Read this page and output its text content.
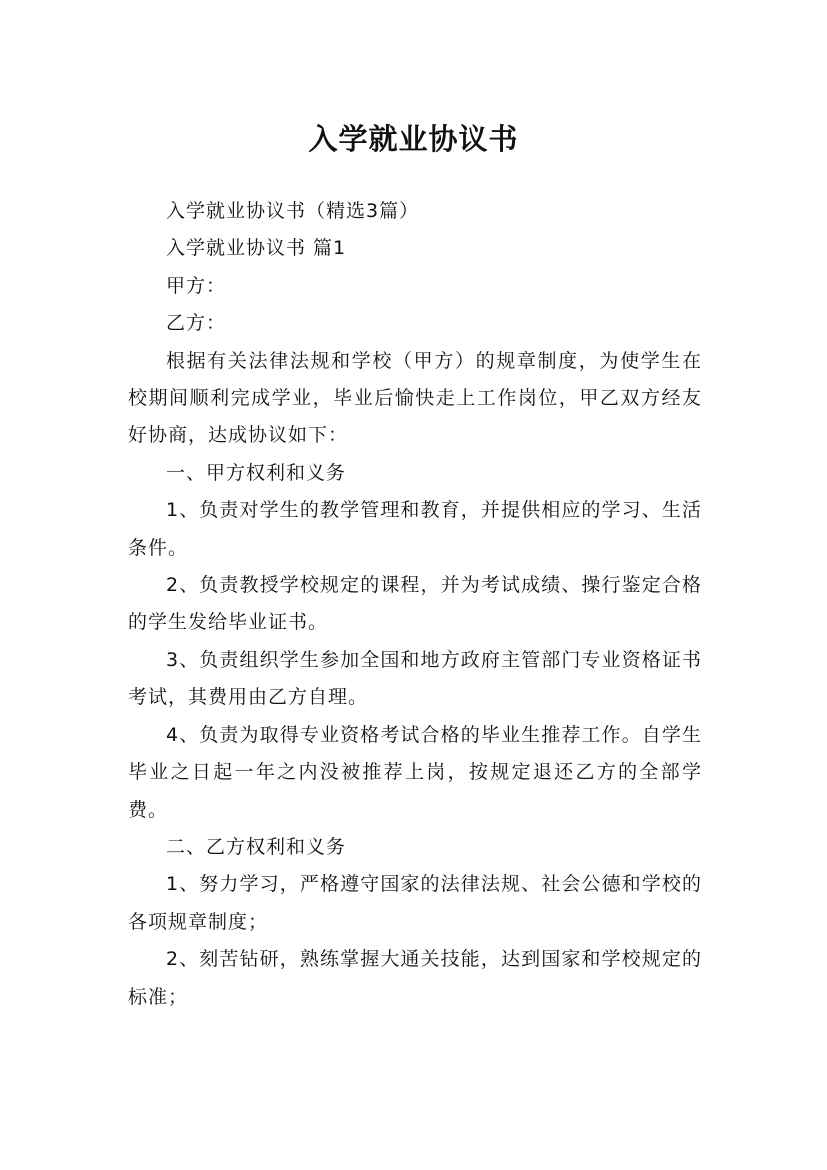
入学就业协议书

入学就业协议书（精选3篇）

入学就业协议书 篇1

甲方：

乙方：

根据有关法律法规和学校（甲方）的规章制度，为使学生在校期间顺利完成学业，毕业后愉快走上工作岗位，甲乙双方经友好协商，达成协议如下：

一、甲方权利和义务

1、负责对学生的教学管理和教育，并提供相应的学习、生活条件。

2、负责教授学校规定的课程，并为考试成绩、操行鉴定合格的学生发给毕业证书。

3、负责组织学生参加全国和地方政府主管部门专业资格证书考试，其费用由乙方自理。

4、负责为取得专业资格考试合格的毕业生推荐工作。自学生毕业之日起一年之内没被推荐上岗，按规定退还乙方的全部学费。

二、乙方权利和义务

1、努力学习，严格遵守国家的法律法规、社会公德和学校的各项规章制度；

2、刻苦钻研，熟练掌握大通关技能，达到国家和学校规定的标准；
